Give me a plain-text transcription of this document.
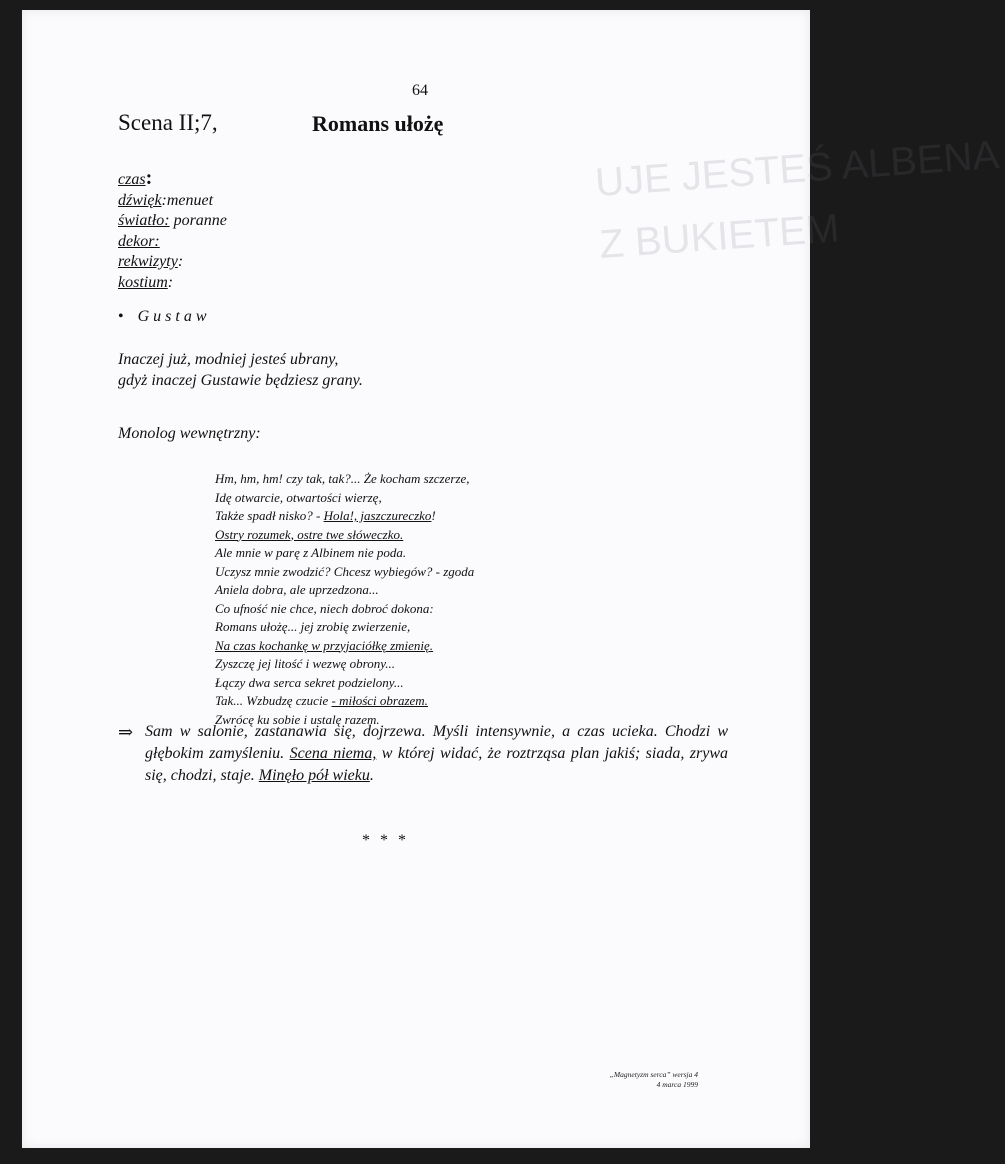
UJE JESTEŚ ALBENA
Z BUKIETEM
64
Scena II;7,	Romans ułożę
czas:
dźwięk:menuet
światło: poranne
dekor:
rekwizyty:
kostium:
• Gustaw
Inaczej już, modniej jesteś ubrany,
gdyż inaczej Gustawie będziesz grany.
Monolog wewnętrzny:
Hm, hm, hm! czy tak, tak?... Że kocham szczerze,
Idę otwarcie, otwartości wierzę,
Także spadł nisko? - Hola!, jaszczureczko!
Ostry rozumek, ostre twe słóweczko.
Ale mnie w parę z Albinem nie poda.
Uczysz mnie zwodzić? Chcesz wybiegów? - zgoda
Aniela dobra, ale uprzedzona...
Co ufność nie chce, niech dobroć dokona:
Romans ułożę... jej zrobię zwierzenie,
Na czas kochankę w przyjaciółkę zmienię.
Zyszczę jej litość i wezwę obrony...
Łączy dwa serca sekret podzielony...
Tak... Wzbudzę czucie - miłości obrazem.
Zwrócę ku sobie i ustalę razem.
⇒ Sam w salonie, zastanawia się, dojrzewa. Myśli intensywnie, a czas ucieka. Chodzi w głębokim zamyśleniu. Scena niema, w której widać, że roztrząsa plan jakiś; siada, zrywa się, chodzi, staje. Minęło pół wieku.
* * *
„Magnetyzm serca” wersja 4
4 marca 1999
